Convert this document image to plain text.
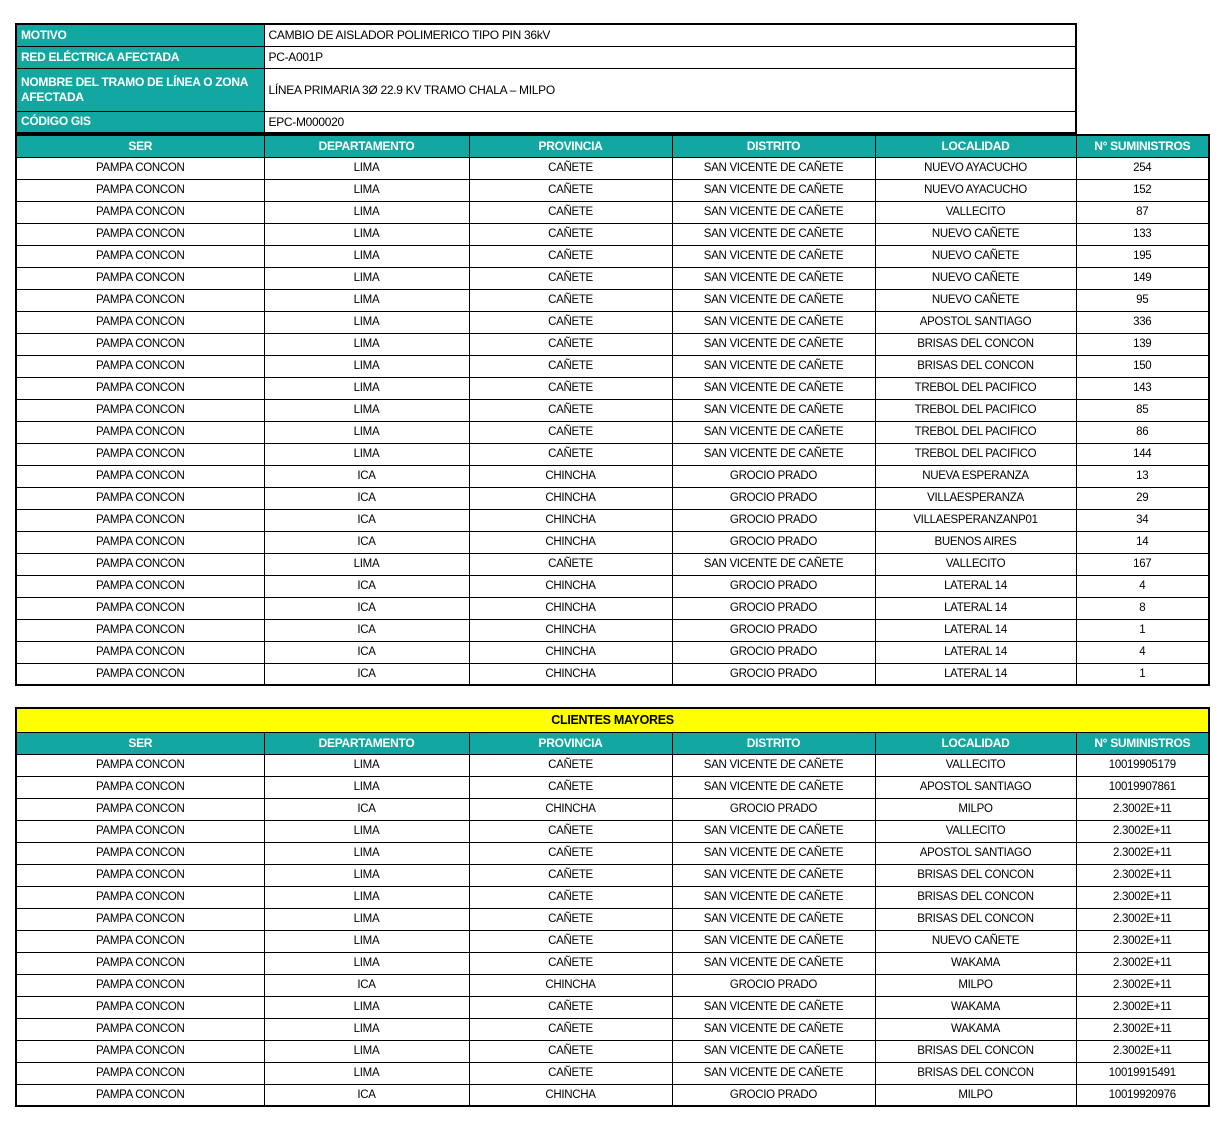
MOTIVO	CAMBIO DE AISLADOR POLIMERICO TIPO PIN 36kV
RED ELÉCTRICA AFECTADA	PC-A001P
NOMBRE DEL TRAMO DE LÍNEA O ZONA AFECTADA	LÍNEA PRIMARIA 3Ø 22.9 KV TRAMO CHALA – MILPO
CÓDIGO GIS	EPC-M000020
SER	DEPARTAMENTO	PROVINCIA	DISTRITO	LOCALIDAD	N° SUMINISTROS
PAMPA CONCON	LIMA	CAÑETE	SAN VICENTE DE CAÑETE	NUEVO AYACUCHO	254
PAMPA CONCON	LIMA	CAÑETE	SAN VICENTE DE CAÑETE	NUEVO AYACUCHO	152
PAMPA CONCON	LIMA	CAÑETE	SAN VICENTE DE CAÑETE	VALLECITO	87
PAMPA CONCON	LIMA	CAÑETE	SAN VICENTE DE CAÑETE	NUEVO CAÑETE	133
PAMPA CONCON	LIMA	CAÑETE	SAN VICENTE DE CAÑETE	NUEVO CAÑETE	195
PAMPA CONCON	LIMA	CAÑETE	SAN VICENTE DE CAÑETE	NUEVO CAÑETE	149
PAMPA CONCON	LIMA	CAÑETE	SAN VICENTE DE CAÑETE	NUEVO CAÑETE	95
PAMPA CONCON	LIMA	CAÑETE	SAN VICENTE DE CAÑETE	APOSTOL SANTIAGO	336
PAMPA CONCON	LIMA	CAÑETE	SAN VICENTE DE CAÑETE	BRISAS DEL CONCON	139
PAMPA CONCON	LIMA	CAÑETE	SAN VICENTE DE CAÑETE	BRISAS DEL CONCON	150
PAMPA CONCON	LIMA	CAÑETE	SAN VICENTE DE CAÑETE	TREBOL DEL PACIFICO	143
PAMPA CONCON	LIMA	CAÑETE	SAN VICENTE DE CAÑETE	TREBOL DEL PACIFICO	85
PAMPA CONCON	LIMA	CAÑETE	SAN VICENTE DE CAÑETE	TREBOL DEL PACIFICO	86
PAMPA CONCON	LIMA	CAÑETE	SAN VICENTE DE CAÑETE	TREBOL DEL PACIFICO	144
PAMPA CONCON	ICA	CHINCHA	GROCIO PRADO	NUEVA ESPERANZA	13
PAMPA CONCON	ICA	CHINCHA	GROCIO PRADO	VILLAESPERANZA	29
PAMPA CONCON	ICA	CHINCHA	GROCIO PRADO	VILLAESPERANZANP01	34
PAMPA CONCON	ICA	CHINCHA	GROCIO PRADO	BUENOS AIRES	14
PAMPA CONCON	LIMA	CAÑETE	SAN VICENTE DE CAÑETE	VALLECITO	167
PAMPA CONCON	ICA	CHINCHA	GROCIO PRADO	LATERAL 14	4
PAMPA CONCON	ICA	CHINCHA	GROCIO PRADO	LATERAL 14	8
PAMPA CONCON	ICA	CHINCHA	GROCIO PRADO	LATERAL 14	1
PAMPA CONCON	ICA	CHINCHA	GROCIO PRADO	LATERAL 14	4
PAMPA CONCON	ICA	CHINCHA	GROCIO PRADO	LATERAL 14	1
CLIENTES MAYORES					
SER	DEPARTAMENTO	PROVINCIA	DISTRITO	LOCALIDAD	N° SUMINISTROS
PAMPA CONCON	LIMA	CAÑETE	SAN VICENTE DE CAÑETE	VALLECITO	10019905179
PAMPA CONCON	LIMA	CAÑETE	SAN VICENTE DE CAÑETE	APOSTOL SANTIAGO	10019907861
PAMPA CONCON	ICA	CHINCHA	GROCIO PRADO	MILPO	2.3002E+11
PAMPA CONCON	LIMA	CAÑETE	SAN VICENTE DE CAÑETE	VALLECITO	2.3002E+11
PAMPA CONCON	LIMA	CAÑETE	SAN VICENTE DE CAÑETE	APOSTOL SANTIAGO	2.3002E+11
PAMPA CONCON	LIMA	CAÑETE	SAN VICENTE DE CAÑETE	BRISAS DEL CONCON	2.3002E+11
PAMPA CONCON	LIMA	CAÑETE	SAN VICENTE DE CAÑETE	BRISAS DEL CONCON	2.3002E+11
PAMPA CONCON	LIMA	CAÑETE	SAN VICENTE DE CAÑETE	BRISAS DEL CONCON	2.3002E+11
PAMPA CONCON	LIMA	CAÑETE	SAN VICENTE DE CAÑETE	NUEVO CAÑETE	2.3002E+11
PAMPA CONCON	LIMA	CAÑETE	SAN VICENTE DE CAÑETE	WAKAMA	2.3002E+11
PAMPA CONCON	ICA	CHINCHA	GROCIO PRADO	MILPO	2.3002E+11
PAMPA CONCON	LIMA	CAÑETE	SAN VICENTE DE CAÑETE	WAKAMA	2.3002E+11
PAMPA CONCON	LIMA	CAÑETE	SAN VICENTE DE CAÑETE	WAKAMA	2.3002E+11
PAMPA CONCON	LIMA	CAÑETE	SAN VICENTE DE CAÑETE	BRISAS DEL CONCON	2.3002E+11
PAMPA CONCON	LIMA	CAÑETE	SAN VICENTE DE CAÑETE	BRISAS DEL CONCON	10019915491
PAMPA CONCON	ICA	CHINCHA	GROCIO PRADO	MILPO	10019920976
